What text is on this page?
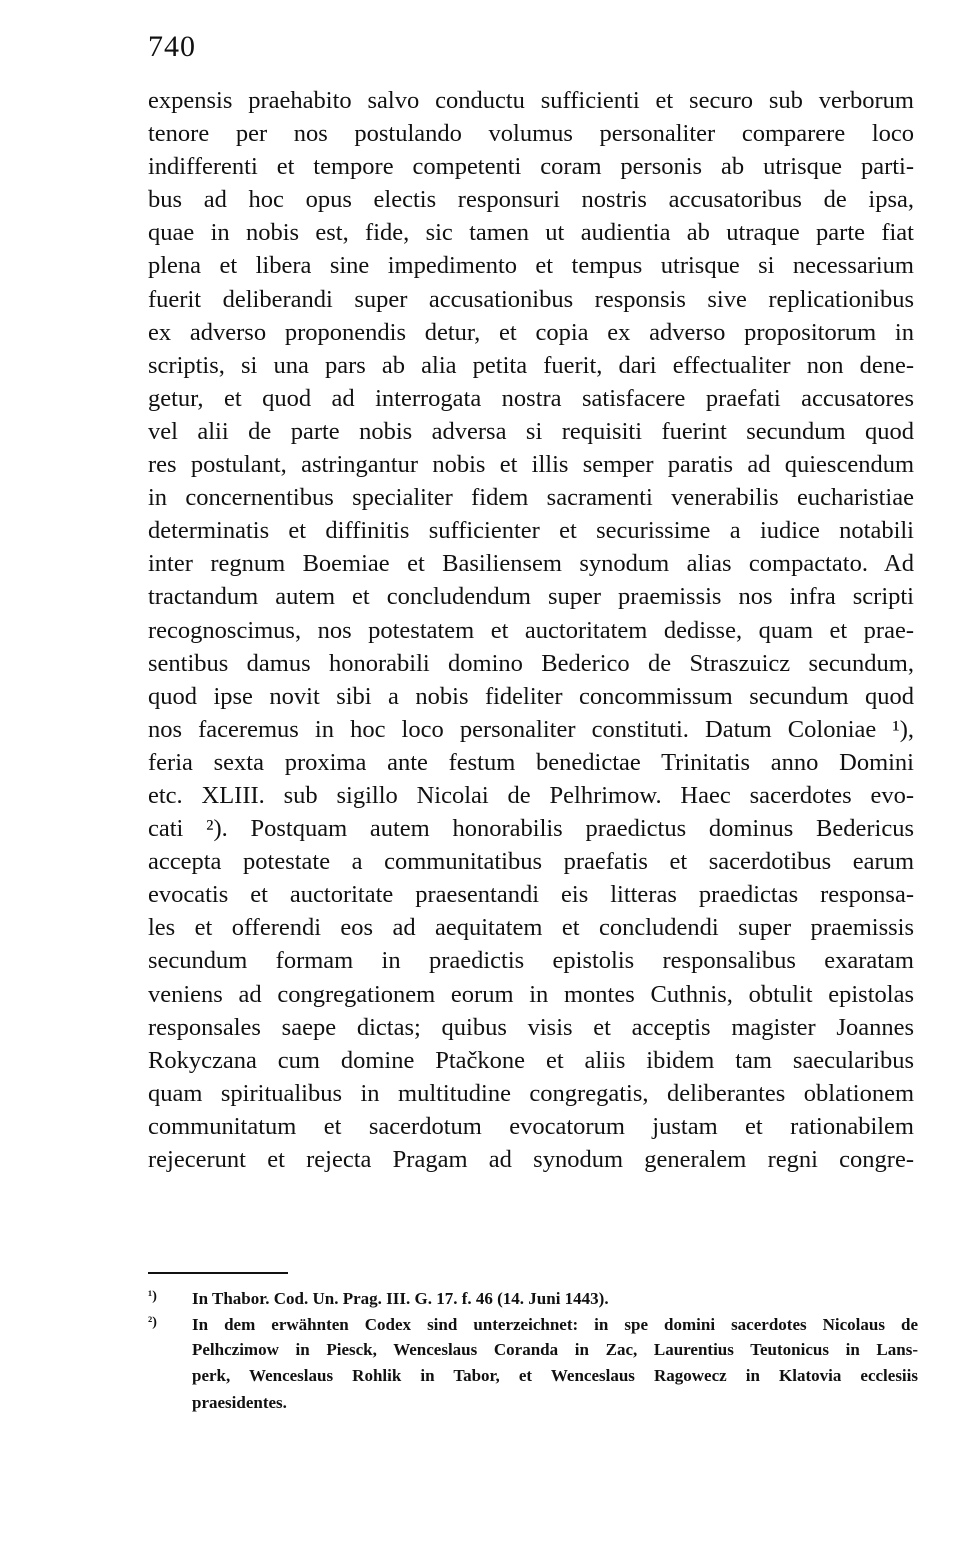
740
expensis praehabito salvo conductu sufficienti et securo sub verborum
tenore per nos postulando volumus personaliter comparere loco
indifferenti et tempore competenti coram personis ab utrisque parti-
bus ad hoc opus electis responsuri nostris accusatoribus de ipsa,
quae in nobis est, fide, sic tamen ut audientia ab utraque parte fiat
plena et libera sine impedimento et tempus utrisque si necessarium
fuerit deliberandi super accusationibus responsis sive replicationibus
ex adverso proponendis detur, et copia ex adverso propositorum in
scriptis, si una pars ab alia petita fuerit, dari effectualiter non dene-
getur, et quod ad interrogata nostra satisfacere praefati accusatores
vel alii de parte nobis adversa si requisiti fuerint secundum quod
res postulant, astringantur nobis et illis semper paratis ad quiescendum
in concernentibus specialiter fidem sacramenti venerabilis eucharistiae
determinatis et diffinitis sufficienter et securissime a iudice notabili
inter regnum Boemiae et Basiliensem synodum alias compactato. Ad
tractandum autem et concludendum super praemissis nos infra scripti
recognoscimus, nos potestatem et auctoritatem dedisse, quam et prae-
sentibus damus honorabili domino Bederico de Straszuicz secundum,
quod ipse novit sibi a nobis fideliter concommissum secundum quod
nos faceremus in hoc loco personaliter constituti. Datum Coloniae ¹),
feria sexta proxima ante festum benedictae Trinitatis anno Domini
etc. XLIII. sub sigillo Nicolai de Pelhrimow. Haec sacerdotes evo-
cati ²). Postquam autem honorabilis praedictus dominus Bedericus
accepta potestate a communitatibus praefatis et sacerdotibus earum
evocatis et auctoritate praesentandi eis litteras praedictas responsa-
les et offerendi eos ad aequitatem et concludendi super praemissis
secundum formam in praedictis epistolis responsalibus exaratam
veniens ad congregationem eorum in montes Cuthnis, obtulit epistolas
responsales saepe dictas; quibus visis et acceptis magister Joannes
Rokyczana cum domine Ptačkone et aliis ibidem tam saecularibus
quam spiritualibus in multitudine congregatis, deliberantes oblationem
communitatum et sacerdotum evocatorum justam et rationabilem
rejecerunt et rejecta Pragam ad synodum generalem regni congre-
¹) In Thabor. Cod. Un. Prag. III. G. 17. f. 46 (14. Juni 1443).
²) In dem erwähnten Codex sind unterzeichnet: in spe domini sacerdotes Nicolaus de
Pelhczimow in Piesck, Wenceslaus Coranda in Zac, Laurentius Teutonicus in Lans-
perk, Wenceslaus Rohlik in Tabor, et Wenceslaus Ragowecz in Klatovia ecclesiis
praesidentes.
